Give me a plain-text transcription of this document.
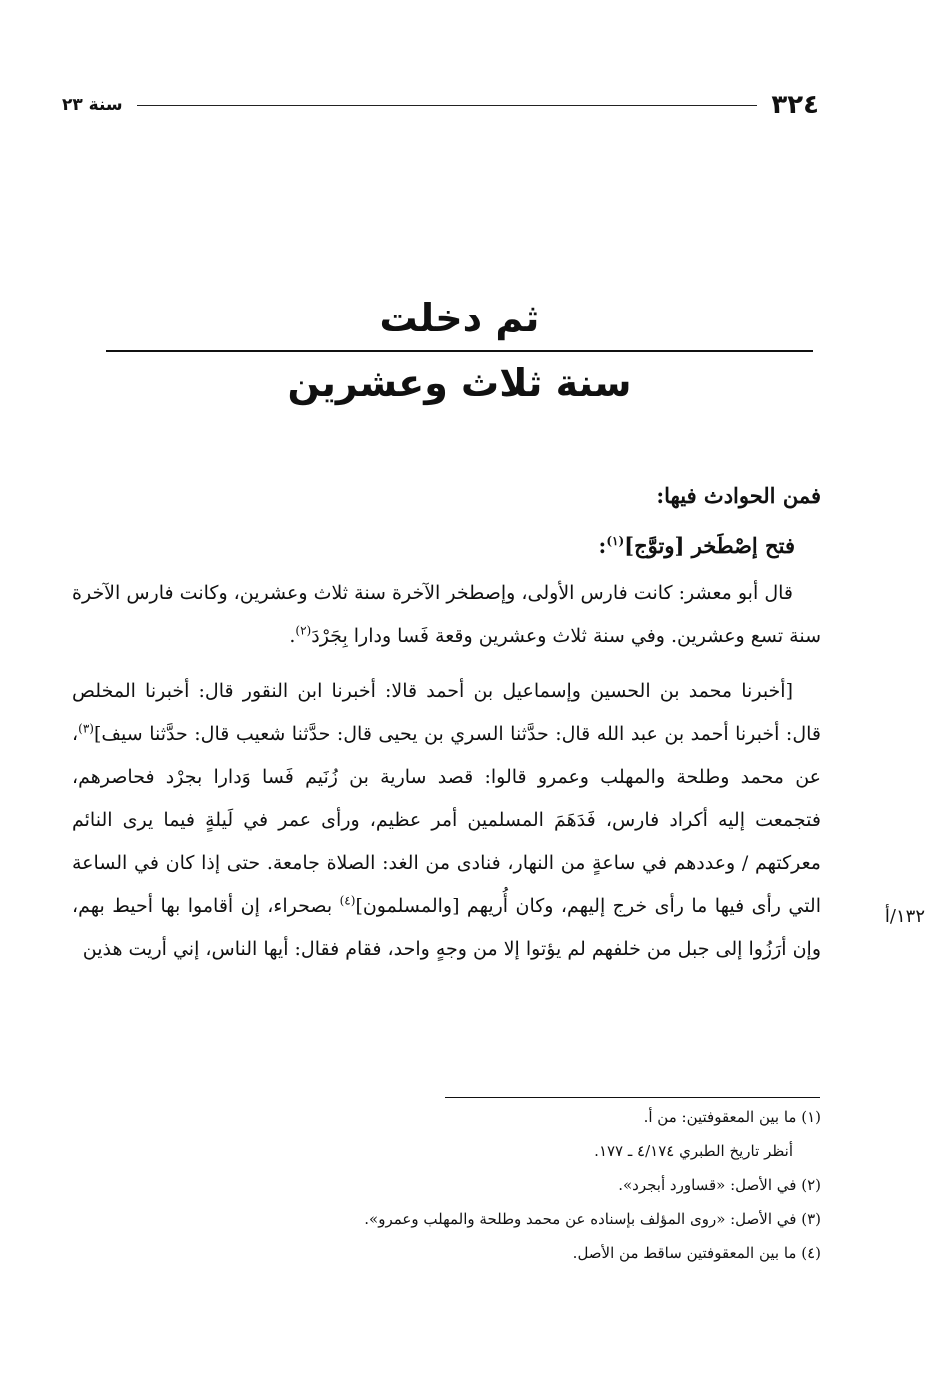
٣٢٤
سنة ٢٣
ثم دخلت
سنة ثلاث وعشرين
فمن الحوادث فيها:
فتح إصْطَخر [وتوَّج]$^{(١)}$:

قال أبو معشر: كانت فارس الأولى، وإصطخر الآخرة سنة ثلاث وعشرين، وكانت فارس الآخرة سنة تسع وعشرين. وفي سنة ثلاث وعشرين وقعة فَسا ودارا بِجَرْدَ$^{(٢)}$.

[أخبرنا محمد بن الحسين وإسماعيل بن أحمد قالا: أخبرنا ابن النقور قال: أخبرنا المخلص قال: أخبرنا أحمد بن عبد الله قال: حدَّثنا السري بن يحيى قال: حدَّثنا شعيب قال: حدَّثنا سيف]$^{(٣)}$، عن محمد وطلحة والمهلب وعمرو قالوا: قصد سارية بن زُنَيم فَسا وَدارا بجرْد فحاصرهم، فتجمعت إليه أكراد فارس، فَدَهَمَ المسلمين أمر عظيم، ورأى عمر في لَيلةٍ فيما يرى النائم معركتهم / وعددهم في ساعةٍ من النهار، فنادى من الغد: الصلاة جامعة. حتى إذا كان في الساعة التي رأى فيها ما رأى خرج إليهم، وكان أُريهم [والمسلمون]$^{(٤)}$ بصحراء، إن أقاموا بها أحيط بهم، وإن أرَزُوا إلى جبل من خلفهم لم يؤتوا إلا من وجهٍ واحد، فقام فقال: أيها الناس، إني أريت هذين

١٣٢/أ
(١) ما بين المعقوفتين: من أ.
أنظر تاريخ الطبري ٤/١٧٤ ـ ١٧٧.
(٢) في الأصل: «قساورد أبجرد».
(٣) في الأصل: «روى المؤلف بإسناده عن محمد وطلحة والمهلب وعمرو».
(٤) ما بين المعقوفتين ساقط من الأصل.
